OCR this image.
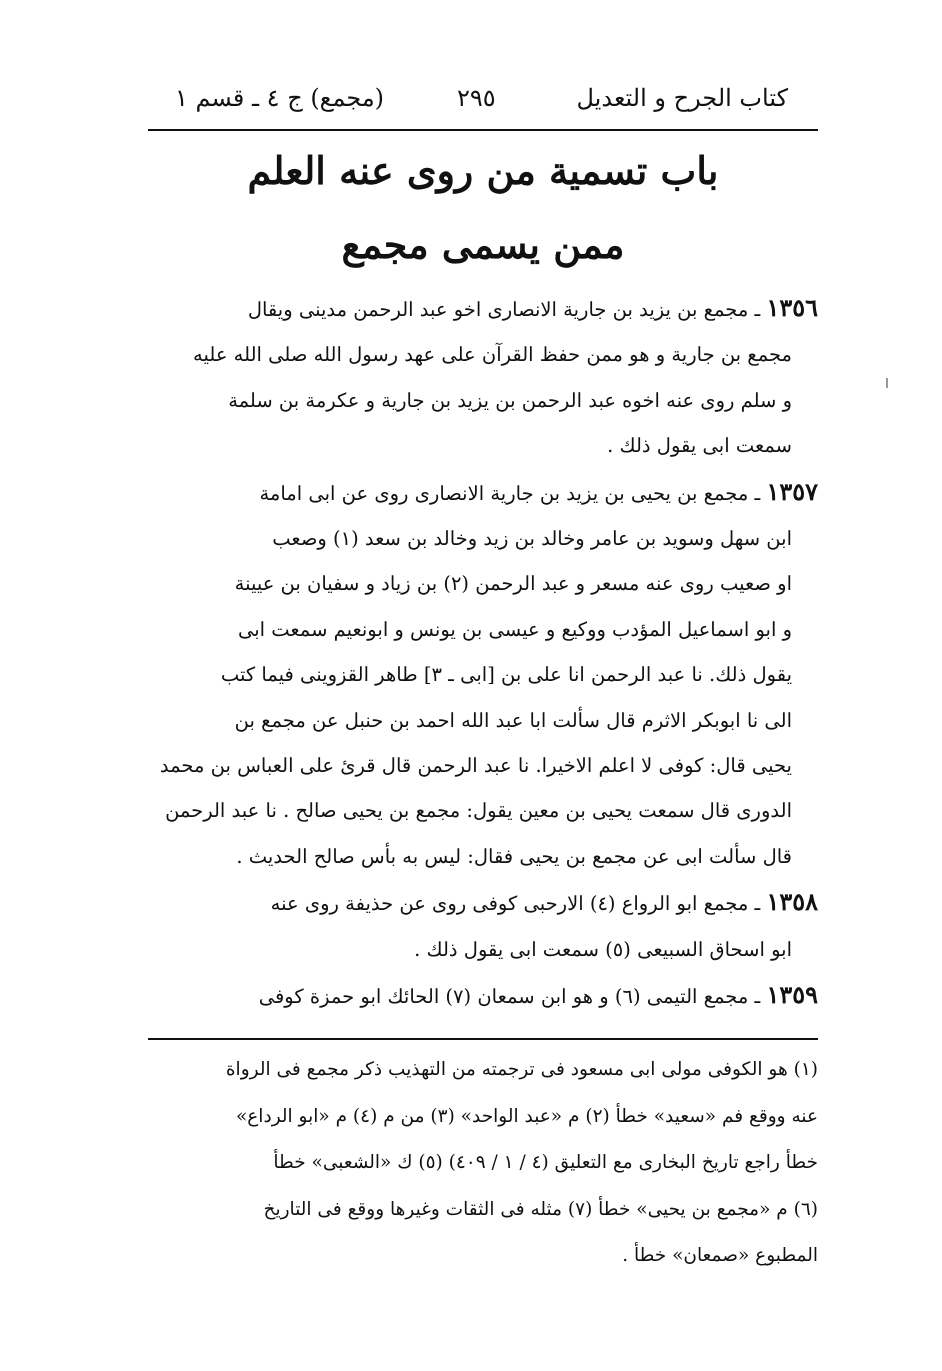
كتاب الجرح و التعديل
٢٩٥
(مجمع) ج ٤ ـ قسم ١
باب تسمية من روى عنه العلم
ممن يسمى مجمع
١٣٥٦ ـ مجمع بن يزيد بن جارية الانصارى اخو عبد الرحمن مدينى ويقال
مجمع بن جارية و هو ممن حفظ القرآن على عهد رسول الله صلى الله عليه
و سلم روى عنه اخوه عبد الرحمن بن يزيد بن جارية و عكرمة بن سلمة
سمعت ابى يقول ذلك .
١٣٥٧ ـ مجمع بن يحيى بن يزيد بن جارية الانصارى روى عن ابى امامة
ابن سهل وسويد بن عامر وخالد بن زيد وخالد بن سعد (١) وصعب
او صعيب روى عنه مسعر و عبد الرحمن (٢) بن زياد و سفيان بن عيينة
و ابو اسماعيل المؤدب ووكيع و عيسى بن يونس و ابونعيم سمعت ابى
يقول ذلك. نا عبد الرحمن انا على بن [ابى ـ ٣] طاهر القزوينى فيما كتب
الى نا ابوبكر الاثرم قال سألت ابا عبد الله احمد بن حنبل عن مجمع بن
يحيى قال: كوفى لا اعلم الاخيرا. نا عبد الرحمن قال قرئ على العباس بن محمد
الدورى قال سمعت يحيى بن معين يقول: مجمع بن يحيى صالح . نا عبد الرحمن
قال سألت ابى عن مجمع بن يحيى فقال: ليس به بأس صالح الحديث .
١٣٥٨ ـ مجمع ابو الرواع (٤) الارحبى كوفى روى عن حذيفة روى عنه
ابو اسحاق السبيعى (٥) سمعت ابى يقول ذلك .
١٣٥٩ ـ مجمع التيمى (٦) و هو ابن سمعان (٧) الحائك ابو حمزة كوفى
(١) هو الكوفى مولى ابى مسعود فى ترجمته من التهذيب ذكر مجمع فى الرواة
عنه ووقع فم «سعيد» خطأ (٢) م «عبد الواحد» (٣) من م (٤) م «ابو الرداع»
خطأ راجع تاريخ البخارى مع التعليق (٤ / ١ / ٤٠٩) (٥) ك «الشعبى» خطأ
(٦) م «مجمع بن يحيى» خطأ (٧) مثله فى الثقات وغيرها ووقع فى التاريخ
المطبوع «صمعان» خطأ .
